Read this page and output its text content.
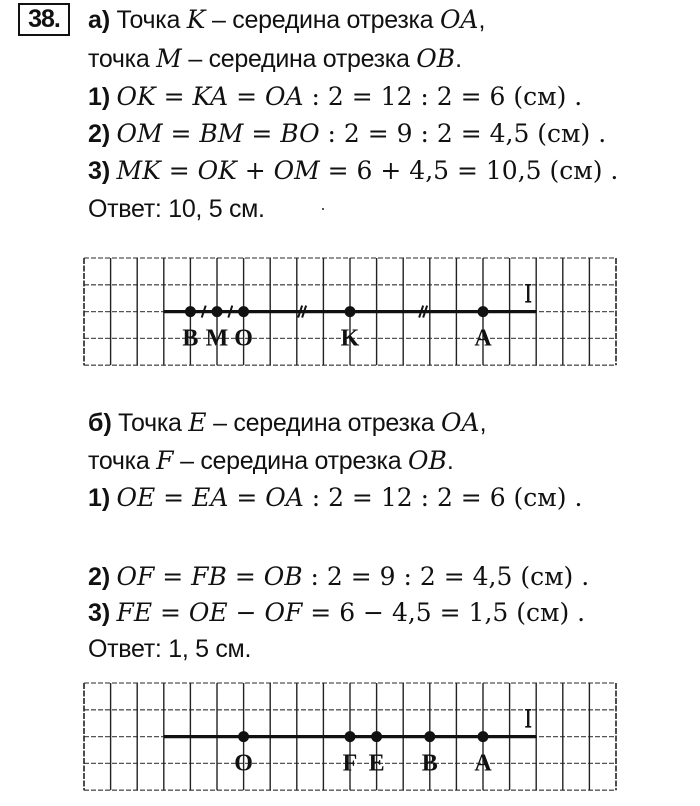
38.	а) Точка K – середина отрезка OA,
точка M – середина отрезка OB.
1) OK = KA = OA : 2 = 12 : 2 = 6 (см) .
2) OM = BM = BO : 2 = 9 : 2 = 4,5 (см) .
3) MK = OK + OM = 6 + 4,5 = 10,5 (см) .
Ответ: 10, 5 см.
B M O	K	A
б) Точка E – середина отрезка OA,
точка F – середина отрезка OB.
1) OE = EA = OA : 2 = 12 : 2 = 6 (см) .
2) OF = FB = OB : 2 = 9 : 2 = 4,5 (см) .
3) FE = OE − OF = 6 − 4,5 = 1,5 (см) .
Ответ: 1, 5 см.
O	F E B A
